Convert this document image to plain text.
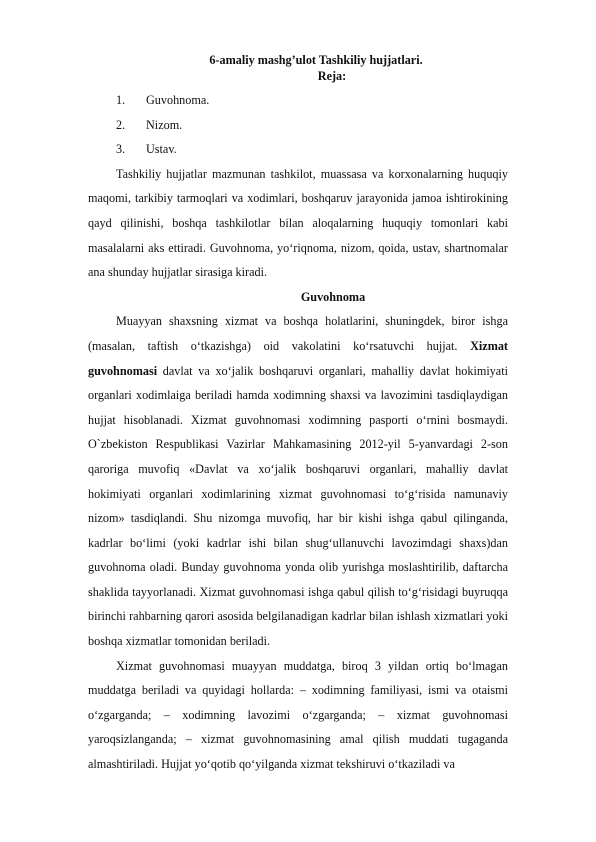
6-amaliy mashg’ulot Tashkiliy hujjatlari.

Reja:

1.	Guvohnoma.
2.	Nizom.
3.	Ustav.

Tashkiliy hujjatlar mazmunan tashkilot, muassasa va korxonalarning huquqiy maqomi, tarkibiy tarmoqlari va xodimlari, boshqaruv jarayonida jamoa ishtirokining qayd qilinishi, boshqa tashkilotlar bilan aloqalarning huquqiy tomonlari kabi masalalarni aks ettiradi. Guvohnoma, yo‘riqnoma, nizom, qoida, ustav, shartnomalar ana shunday hujjatlar sirasiga kiradi.

Guvohnoma

Muayyan shaxsning xizmat va boshqa holatlarini, shuningdek, biror ishga (masalan, taftish o‘tkazishga) oid vakolatini ko‘rsatuvchi hujjat. Xizmat guvohnomasi davlat va xo‘jalik boshqaruvi organlari, mahalliy davlat hokimiyati organlari xodimlaiga beriladi hamda xodimning shaxsi va lavozimini tasdiqlaydigan hujjat hisoblanadi. Xizmat guvohnomasi xodimning pasporti o‘rnini bosmaydi. O`zbekiston Respublikasi Vazirlar Mahkamasining 2012-yil 5-yanvardagi 2-son qaroriga muvofiq «Davlat va xo‘jalik boshqaruvi organlari, mahalliy davlat hokimiyati organlari xodimlarining xizmat guvohnomasi to‘g‘risida namunaviy nizom» tasdiqlandi. Shu nizomga muvofiq, har bir kishi ishga qabul qilinganda, kadrlar bo‘limi (yoki kadrlar ishi bilan shug‘ullanuvchi lavozimdagi shaxs)dan guvohnoma oladi. Bunday guvohnoma yonda olib yurishga moslashtirilib, daftarcha shaklida tayyorlanadi. Xizmat guvohnomasi ishga qabul qilish to‘g‘risidagi buyruqqa birinchi rahbarning qarori asosida belgilanadigan kadrlar bilan ishlash xizmatlari yoki boshqa xizmatlar tomonidan beriladi.

Xizmat guvohnomasi muayyan muddatga, biroq 3 yildan ortiq bo‘lmagan muddatga beriladi va quyidagi hollarda: – xodimning familiyasi, ismi va otaismi o‘zgarganda; – xodimning lavozimi o‘zgarganda; – xizmat guvohnomasi yaroqsizlanganda; – xizmat guvohnomasining amal qilish muddati tugaganda almashtiriladi. Hujjat yo‘qotib qo‘yilganda xizmat tekshiruvi o‘tkaziladi va
